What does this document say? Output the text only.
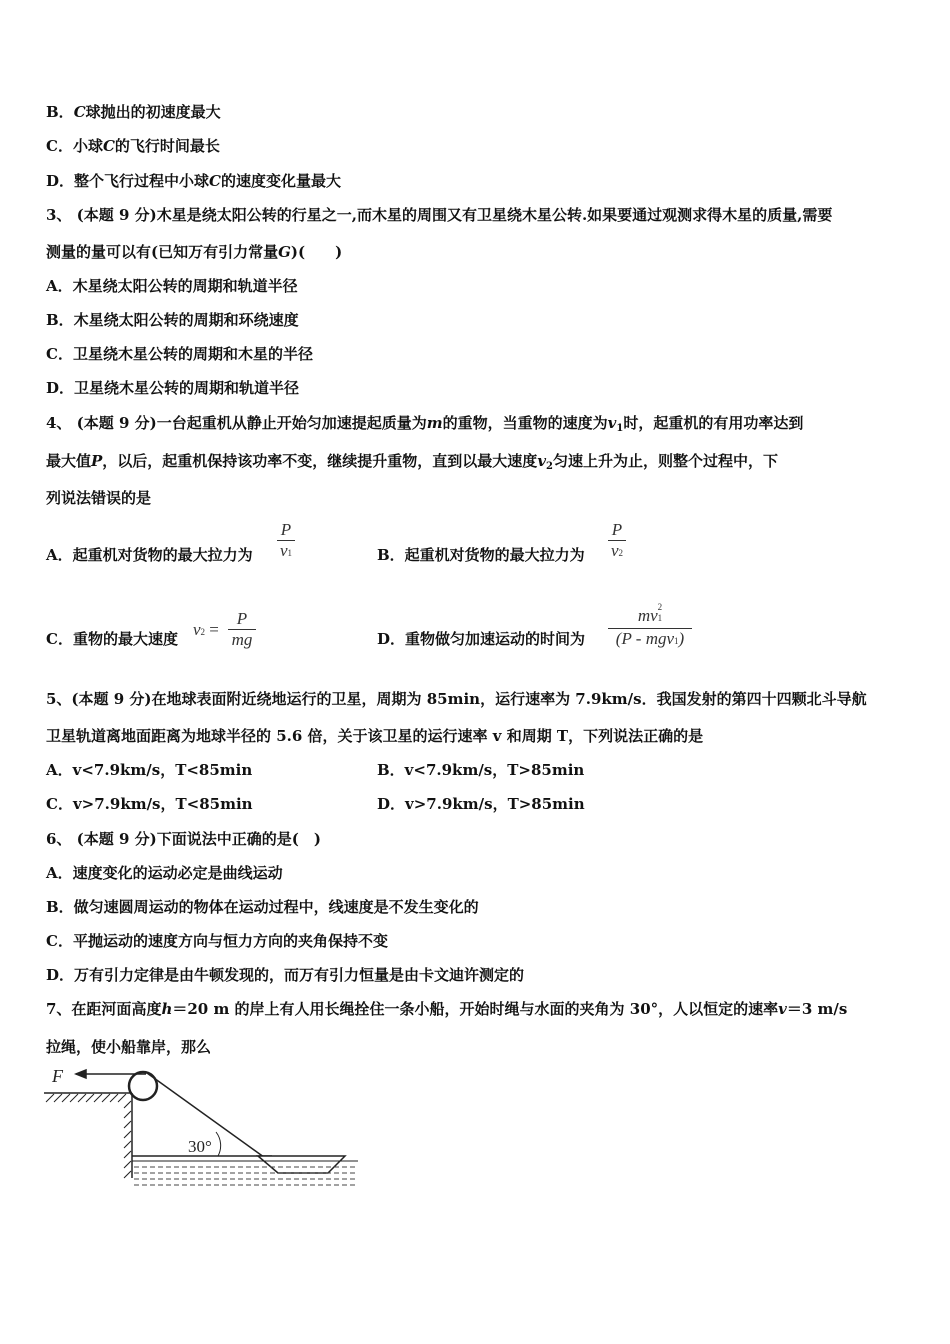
B．C球抛出的初速度最大
C．小球C的飞行时间最长
D．整个飞行过程中小球C的速度变化量最大
3、 (本题 9 分)木星是绕太阳公转的行星之一,而木星的周围又有卫星绕木星公转.如果要通过观测求得木星的质量,需要
测量的量可以有(已知万有引力常量G)(　　)
A．木星绕太阳公转的周期和轨道半径
B．木星绕太阳公转的周期和环绕速度
C．卫星绕木星公转的周期和木星的半径
D．卫星绕木星公转的周期和轨道半径
4、 (本题 9 分)一台起重机从静止开始匀加速提起质量为m的重物，当重物的速度为$v_1$时，起重机的有用功率达到
最大值P，以后，起重机保持该功率不变，继续提升重物，直到以最大速度$v_2$匀速上升为止，则整个过程中，下
列说法错误的是
A．起重机对货物的最大拉力为
P
v1	B．起重机对货物的最大拉力为
P
v2
C．重物的最大速度 v2 =
P
mg	D．重物做匀加速运动的时间为
mv 2
1
(P - mgv1)
5、(本题 9 分)在地球表面附近绕地运行的卫星，周期为 85min，运行速率为 7.9km/s．我国发射的第四十四颗北斗导航
卫星轨道离地面距离为地球半径的 5.6 倍，关于该卫星的运行速率 v 和周期 T，下列说法正确的是
A．v<7.9km/s，T<85min	B．v<7.9km/s，T>85min
C．v>7.9km/s，T<85min	D．v>7.9km/s，T>85min
6、 (本题 9 分)下面说法中正确的是(　)
A．速度变化的运动必定是曲线运动
B．做匀速圆周运动的物体在运动过程中，线速度是不发生变化的
C．平抛运动的速度方向与恒力方向的夹角保持不变
D．万有引力定律是由牛顿发现的，而万有引力恒量是由卡文迪许测定的
7、在距河面高度h＝20 m 的岸上有人用长绳拴住一条小船，开始时绳与水面的夹角为 30°，人以恒定的速率v＝3 m/s
拉绳，使小船靠岸，那么
F
30°
